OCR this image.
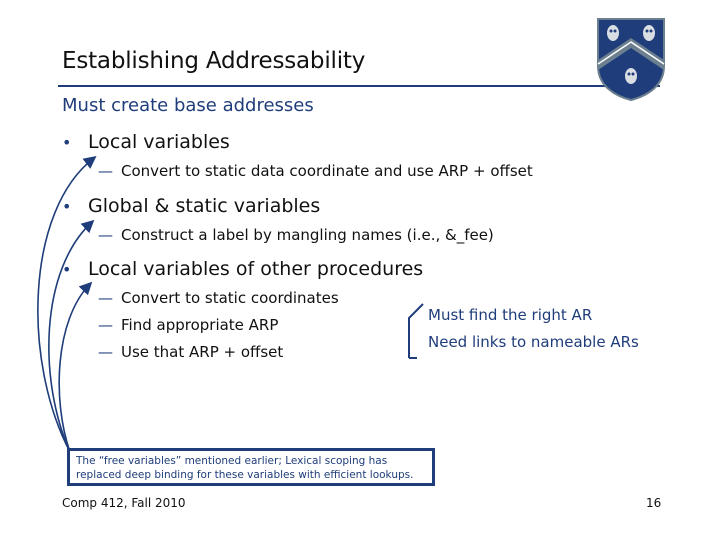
Establishing Addressability
Must create base addresses
• Local variables
— Convert to static data coordinate and use ARP + offset
• Global & static variables
— Construct a label by mangling names (i.e., &_fee)
• Local variables of other procedures
— Convert to static coordinates
— Find appropriate ARP
— Use that ARP + offset
Must find the right AR
Need links to nameable ARs
The “free variables” mentioned earlier; Lexical scoping has replaced deep binding for these variables with efficient lookups.
Comp 412, Fall 2010	16
